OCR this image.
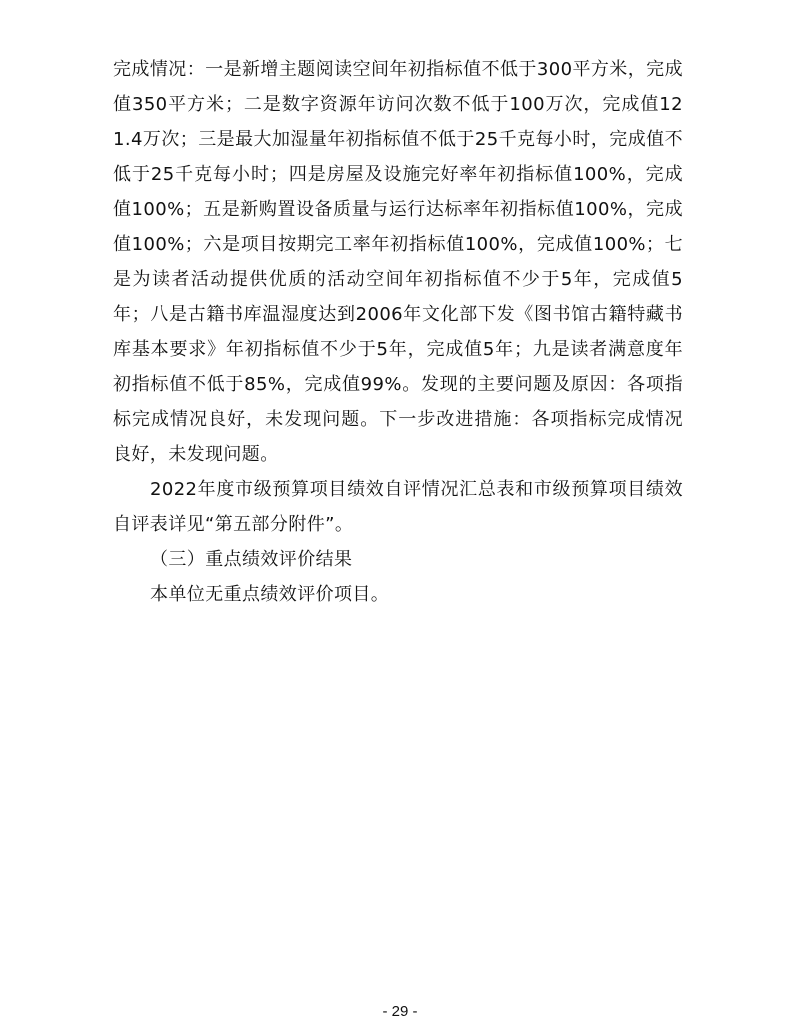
完成情况：一是新增主题阅读空间年初指标值不低于300平方米，完成值350平方米；二是数字资源年访问次数不低于100万次，完成值121.4万次；三是最大加湿量年初指标值不低于25千克每小时，完成值不低于25千克每小时；四是房屋及设施完好率年初指标值100%，完成值100%；五是新购置设备质量与运行达标率年初指标值100%，完成值100%；六是项目按期完工率年初指标值100%，完成值100%；七是为读者活动提供优质的活动空间年初指标值不少于5年，完成值5年；八是古籍书库温湿度达到2006年文化部下发《图书馆古籍特藏书库基本要求》年初指标值不少于5年，完成值5年；九是读者满意度年初指标值不低于85%，完成值99%。发现的主要问题及原因：各项指标完成情况良好，未发现问题。下一步改进措施：各项指标完成情况良好，未发现问题。

2022年度市级预算项目绩效自评情况汇总表和市级预算项目绩效自评表详见“第五部分附件”。

（三）重点绩效评价结果

本单位无重点绩效评价项目。

- 29 -
